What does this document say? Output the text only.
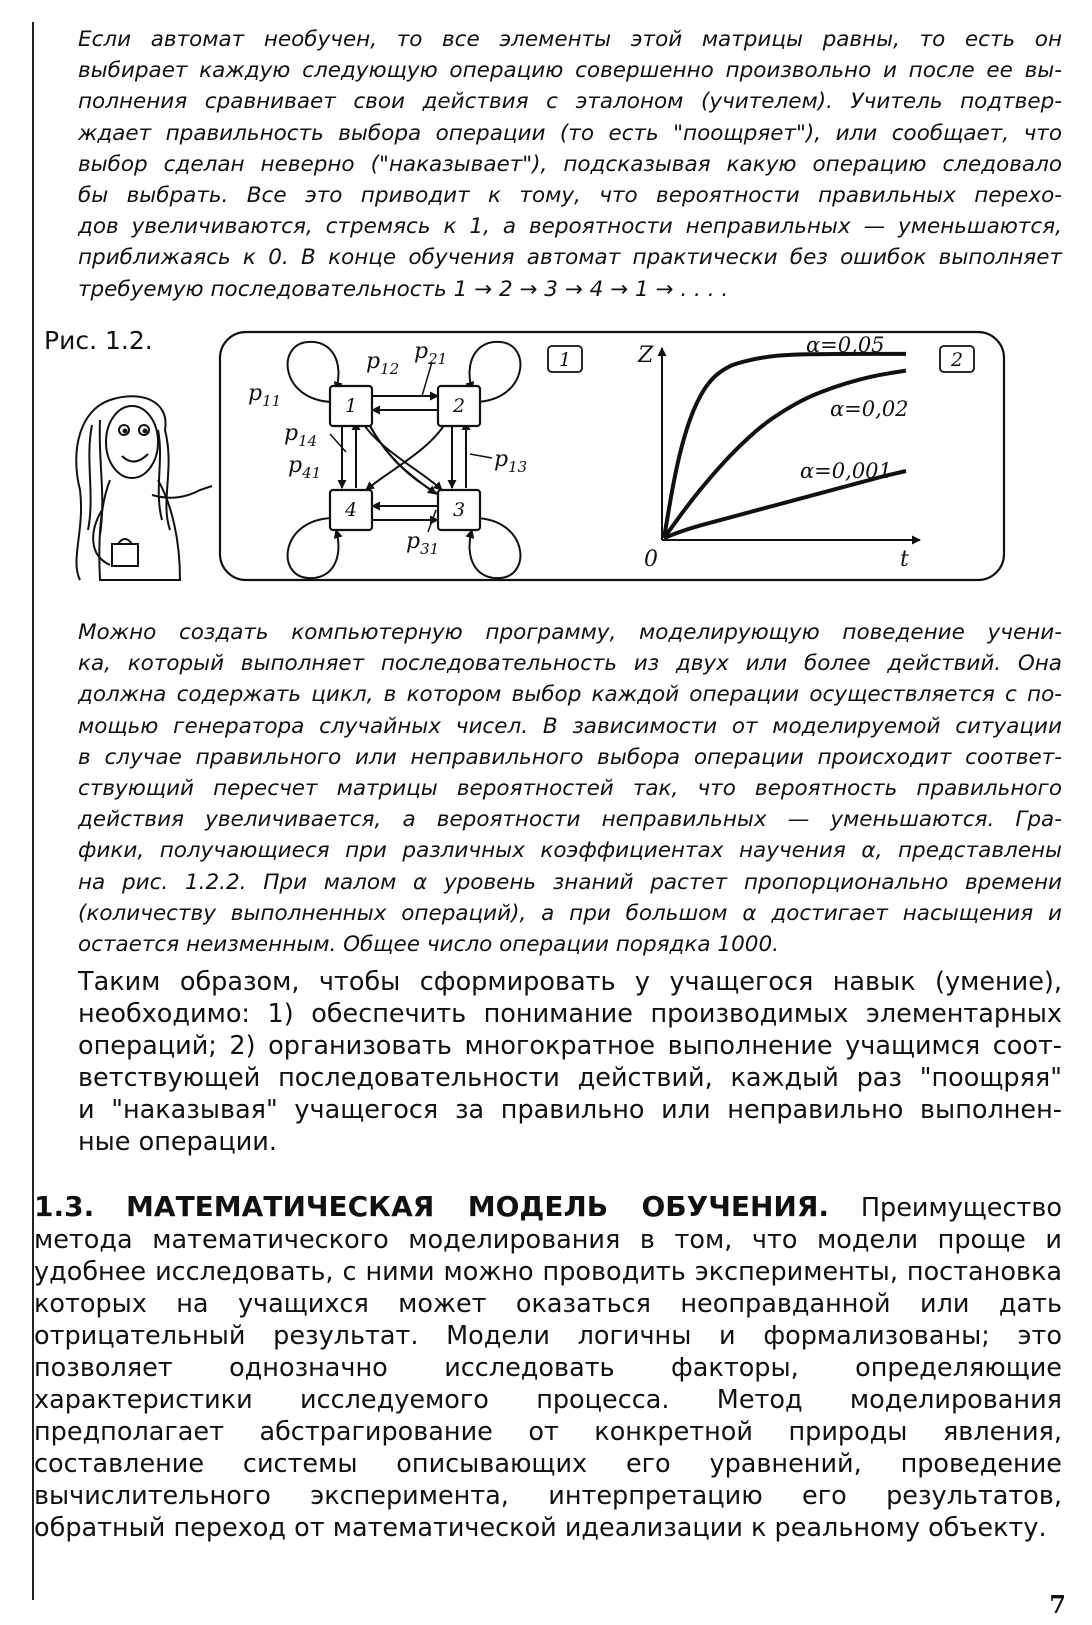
Если автомат необучен, то все элементы этой матрицы равны, то есть он
выбирает каждую следующую операцию совершенно произвольно и после ее вы-
полнения сравнивает свои действия с эталоном (учителем). Учитель подтвер-
ждает правильность выбора операции (то есть "поощряет"), или сообщает, что
выбор сделан неверно ("наказывает"), подсказывая какую операцию следовало
бы выбрать. Все это приводит к тому, что вероятности правильных перехо-
дов увеличиваются, стремясь к 1, а вероятности неправильных — уменьшаются,
приближаясь к 0. В конце обучения автомат практически без ошибок выполняет
требуемую последовательность 1 → 2 → 3 → 4 → 1 → . . . .
Рис. 1.2.
1	2
3
4
$p_{11}$
$p_{12}$
$p_{21}$
$p_{14}$
$p_{41}$
$p_{13}$
$p_{31}$
1	Z
t
0
α=0,05
α=0,02
α=0,001
2
Можно создать компьютерную программу, моделирующую поведение учени-
ка, который выполняет последовательность из двух или более действий. Она
должна содержать цикл, в котором выбор каждой операции осуществляется с по-
мощью генератора случайных чисел. В зависимости от моделируемой ситуации
в случае правильного или неправильного выбора операции происходит соответ-
ствующий пересчет матрицы вероятностей так, что вероятность правильного
действия увеличивается, а вероятности неправильных — уменьшаются. Гра-
фики, получающиеся при различных коэффициентах научения α, представлены
на рис. 1.2.2. При малом α уровень знаний растет пропорционально времени
(количеству выполненных операций), а при большом α достигает насыщения и
остается неизменным. Общее число операции порядка 1000.
Таким образом, чтобы сформировать у учащегося навык (умение),
необходимо: 1) обеспечить понимание производимых элементарных
операций; 2) организовать многократное выполнение учащимся соот-
ветствующей последовательности действий, каждый раз "поощряя"
и "наказывая" учащегося за правильно или неправильно выполнен-
ные операции.
1.3. МАТЕМАТИЧЕСКАЯ МОДЕЛЬ ОБУЧЕНИЯ. Преимущество метода математического моделирования в том, что модели проще и удобнее исследовать, с ними можно проводить эксперименты, постановка которых на учащихся может оказаться неоправданной или дать отрицательный результат. Модели логичны и формализованы; это позволяет однозначно исследовать факторы, определяющие характеристики исследуемого процесса. Метод моделирования предполагает абстрагирование от конкретной природы явления, составление системы описывающих его уравнений, проведение вычислительного эксперимента, интерпретацию его результатов, обратный переход от математической идеализации к реальному объекту.
7
